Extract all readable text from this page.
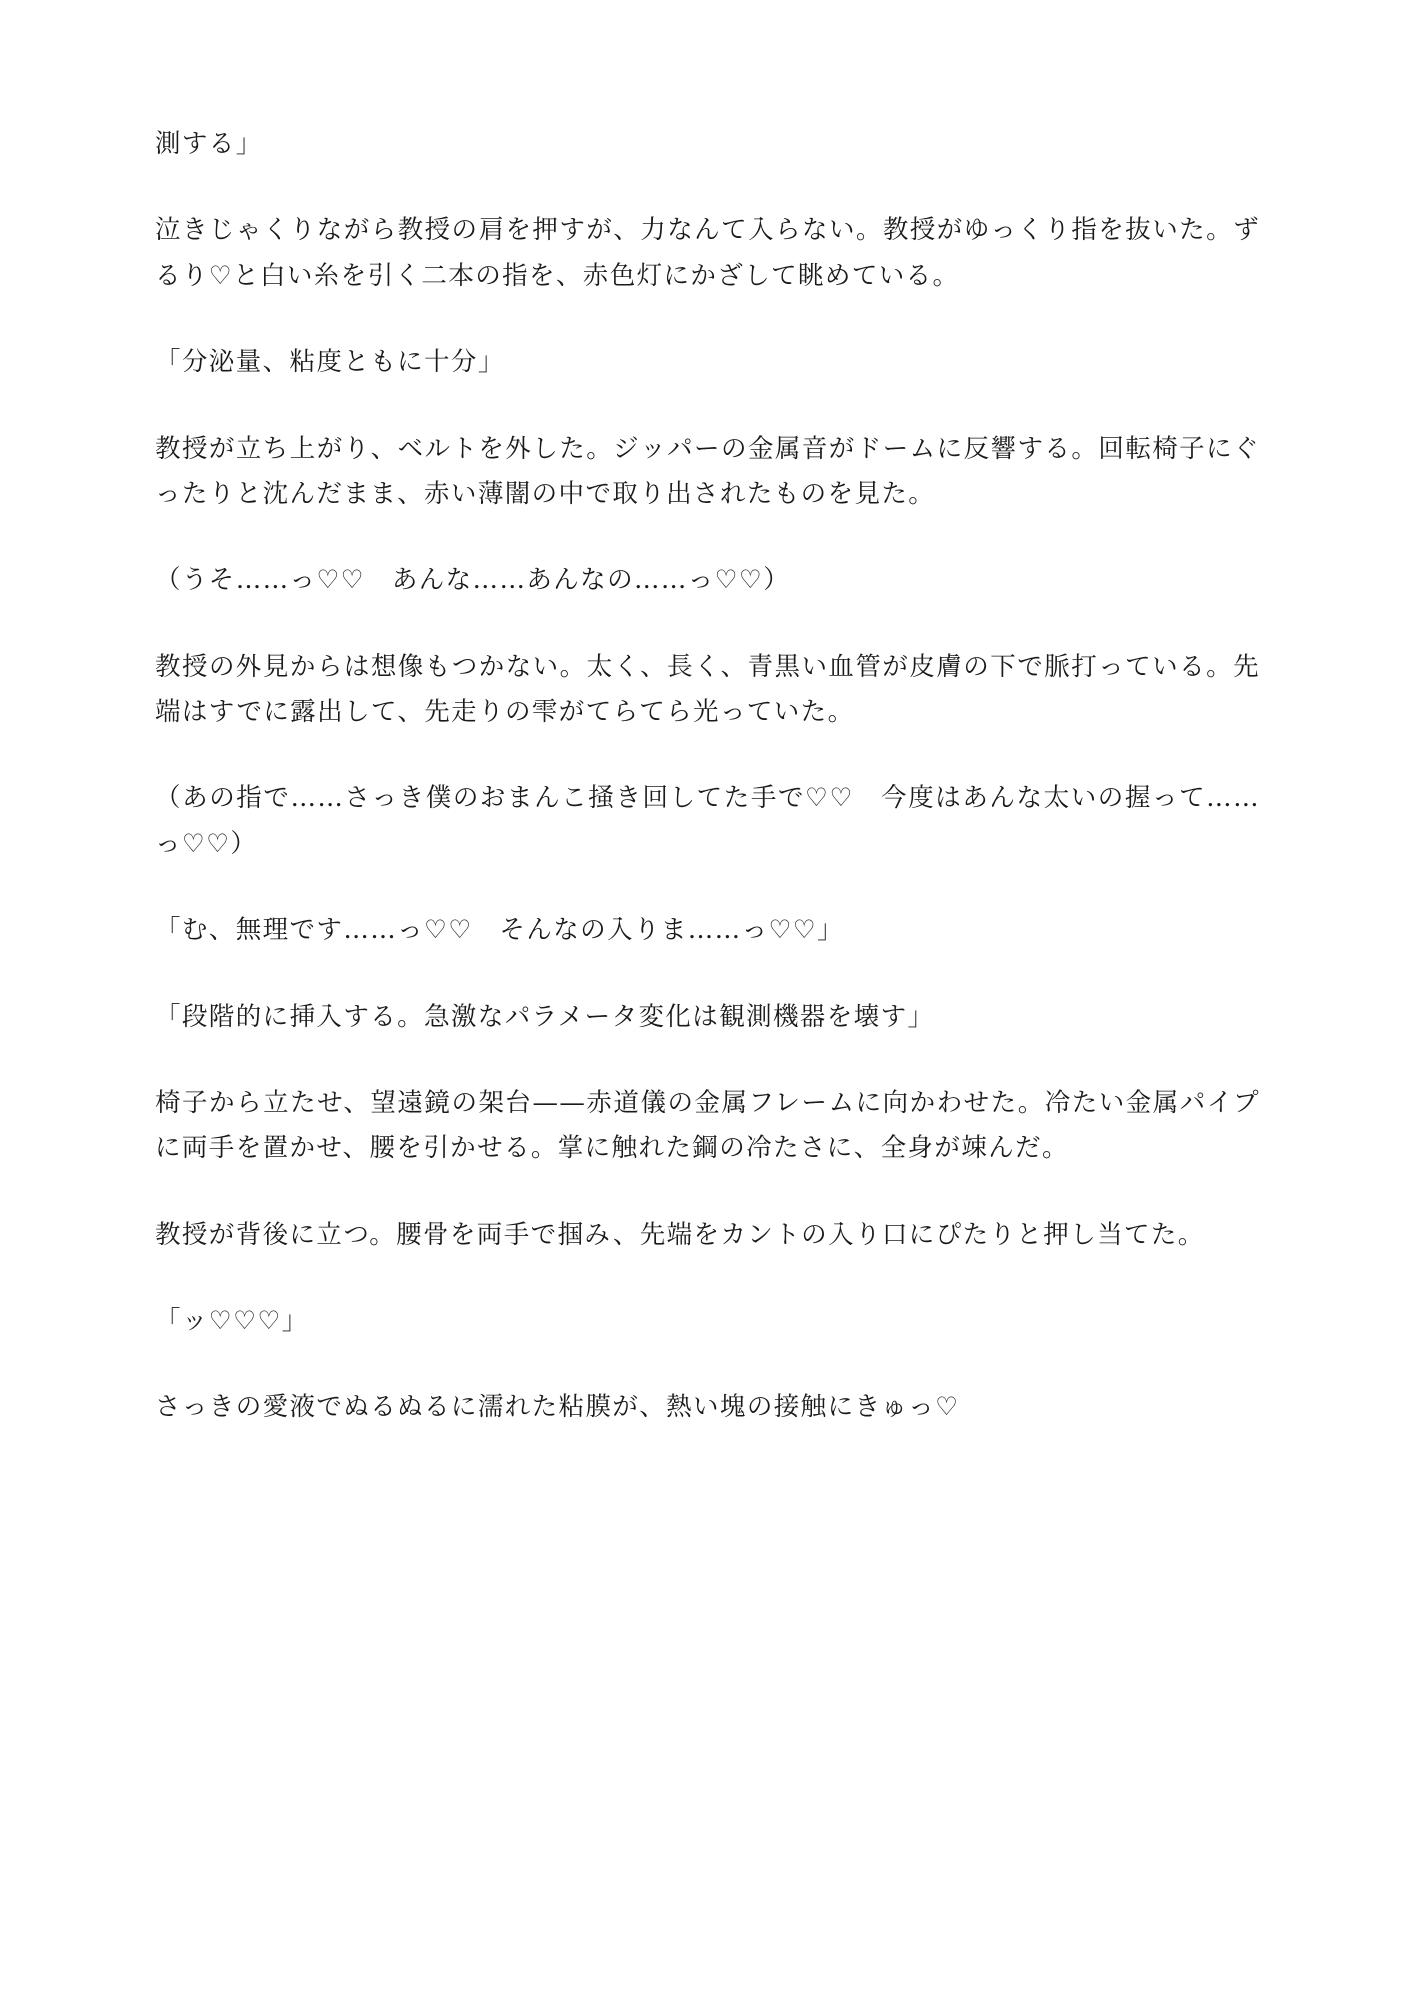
測する」

泣きじゃくりながら教授の肩を押すが、力なんて入らない。教授がゆっくり指を抜いた。ずるり♡と白い糸を引く二本の指を、赤色灯にかざして眺めている。

「分泌量、粘度ともに十分」

教授が立ち上がり、ベルトを外した。ジッパーの金属音がドームに反響する。回転椅子にぐったりと沈んだまま、赤い薄闇の中で取り出されたものを見た。

（うそ……っ♡♡　あんな……あんなの……っ♡♡）

教授の外見からは想像もつかない。太く、長く、青黒い血管が皮膚の下で脈打っている。先端はすでに露出して、先走りの雫がてらてら光っていた。

（あの指で……さっき僕のおまんこ掻き回してた手で♡♡　今度はあんな太いの握って……っ♡♡）

「む、無理です……っ♡♡　そんなの入りま……っ♡♡」

「段階的に挿入する。急激なパラメータ変化は観測機器を壊す」

椅子から立たせ、望遠鏡の架台——赤道儀の金属フレームに向かわせた。冷たい金属パイプに両手を置かせ、腰を引かせる。掌に触れた鋼の冷たさに、全身が竦んだ。

教授が背後に立つ。腰骨を両手で掴み、先端をカントの入り口にぴたりと押し当てた。

「ッ♡♡♡」

さっきの愛液でぬるぬるに濡れた粘膜が、熱い塊の接触にきゅっ♡
